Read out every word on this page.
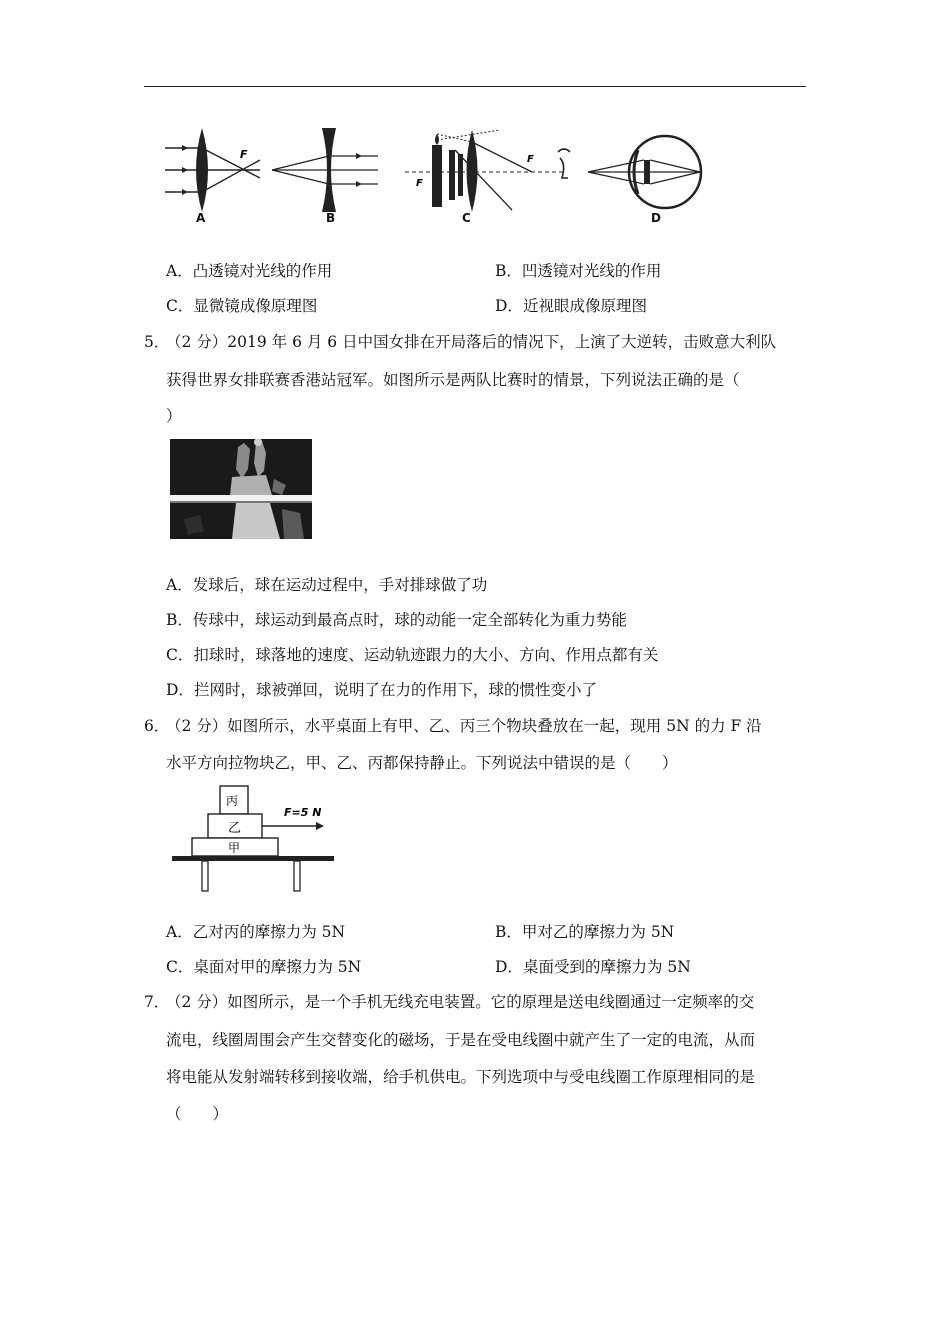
F
F
F
A	B	C	D
A．凸透镜对光线的作用	B．凹透镜对光线的作用
C．显微镜成像原理图	D．近视眼成像原理图
5．
（2 分）2019 年 6 月 6 日中国女排在开局落后的情况下，上演了大逆转，击败意大利队
获得世界女排联赛香港站冠军。如图所示是两队比赛时的情景，下列说法正确的是（
）
A．发球后，球在运动过程中，手对排球做了功
B．传球中，球运动到最高点时，球的动能一定全部转化为重力势能
C．扣球时，球落地的速度、运动轨迹跟力的大小、方向、作用点都有关
D．拦网时，球被弹回，说明了在力的作用下，球的惯性变小了
6．
（2 分）如图所示，水平桌面上有甲、乙、丙三个物块叠放在一起，现用 5N 的力 F 沿
水平方向拉物块乙，甲、乙、丙都保持静止。下列说法中错误的是（　　）
丙
乙
甲
F=5 N
A．乙对丙的摩擦力为 5N	B．甲对乙的摩擦力为 5N
C．桌面对甲的摩擦力为 5N	D．桌面受到的摩擦力为 5N
7．
（2 分）如图所示，是一个手机无线充电装置。它的原理是送电线圈通过一定频率的交
流电，线圈周围会产生交替变化的磁场，于是在受电线圈中就产生了一定的电流，从而
将电能从发射端转移到接收端，给手机供电。下列选项中与受电线圈工作原理相同的是
（　　）
